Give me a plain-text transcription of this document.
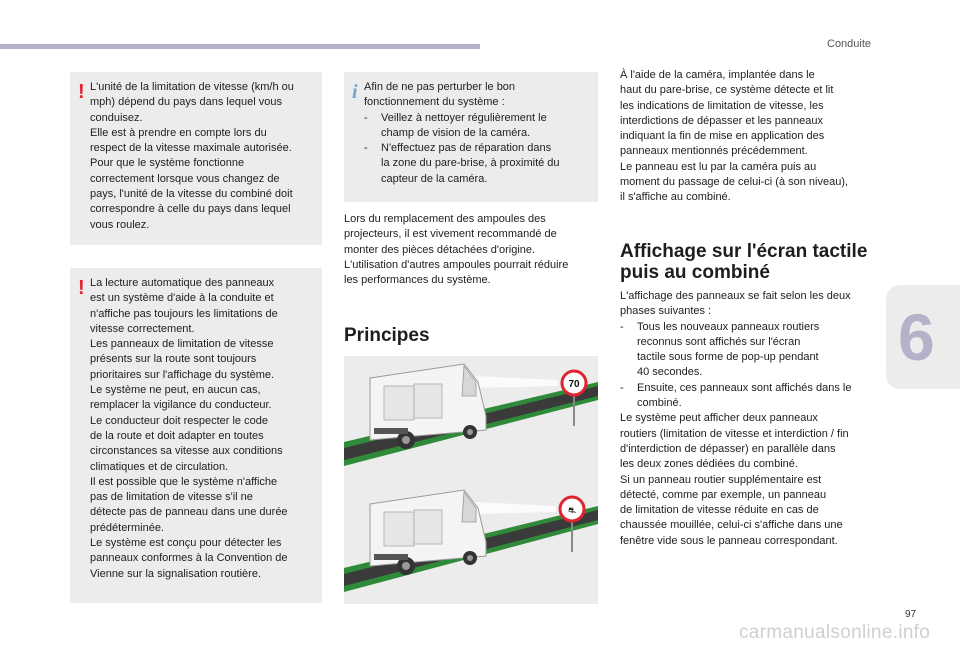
Conduite
6
! L'unité de la limitation de vitesse (km/h ou
mph) dépend du pays dans lequel vous
conduisez.
Elle est à prendre en compte lors du
respect de la vitesse maximale autorisée.
Pour que le système fonctionne
correctement lorsque vous changez de
pays, l'unité de la vitesse du combiné doit
correspondre à celle du pays dans lequel
vous roulez.
! La lecture automatique des panneaux
est un système d'aide à la conduite et
n'affiche pas toujours les limitations de
vitesse correctement.
Les panneaux de limitation de vitesse
présents sur la route sont toujours
prioritaires sur l'affichage du système.
Le système ne peut, en aucun cas,
remplacer la vigilance du conducteur.
Le conducteur doit respecter le code
de la route et doit adapter en toutes
circonstances sa vitesse aux conditions
climatiques et de circulation.
Il est possible que le système n'affiche
pas de limitation de vitesse s'il ne
détecte pas de panneau dans une durée
prédéterminée.
Le système est conçu pour détecter les
panneaux conformes à la Convention de
Vienne sur la signalisation routière.
i Afin de ne pas perturber le bon
fonctionnement du système :
-	Veillez à nettoyer régulièrement le
champ de vision de la caméra.
-	N'effectuez pas de réparation dans
la zone du pare-brise, à proximité du
capteur de la caméra.
Lors du remplacement des ampoules des
projecteurs, il est vivement recommandé de
monter des pièces détachées d'origine.
L'utilisation d'autres ampoules pourrait réduire
les performances du système.
Principes
70
⛐
À l'aide de la caméra, implantée dans le
haut du pare-brise, ce système détecte et lit
les indications de limitation de vitesse, les
interdictions de dépasser et les panneaux
indiquant la fin de mise en application des
panneaux mentionnés précédemment.
Le panneau est lu par la caméra puis au
moment du passage de celui-ci (à son niveau),
il s'affiche au combiné.
Affichage sur l'écran tactile
puis au combiné
L'affichage des panneaux se fait selon les deux
phases suivantes :
-	Tous les nouveaux panneaux routiers
reconnus sont affichés sur l'écran
tactile sous forme de pop-up pendant
40 secondes.
-	Ensuite, ces panneaux sont affichés dans le
combiné.
Le système peut afficher deux panneaux
routiers (limitation de vitesse et interdiction / fin
d'interdiction de dépasser) en parallèle dans
les deux zones dédiées du combiné.
Si un panneau routier supplémentaire est
détecté, comme par exemple, un panneau
de limitation de vitesse réduite en cas de
chaussée mouillée, celui-ci s'affiche dans une
fenêtre vide sous le panneau correspondant.
97
carmanualsonline.info
